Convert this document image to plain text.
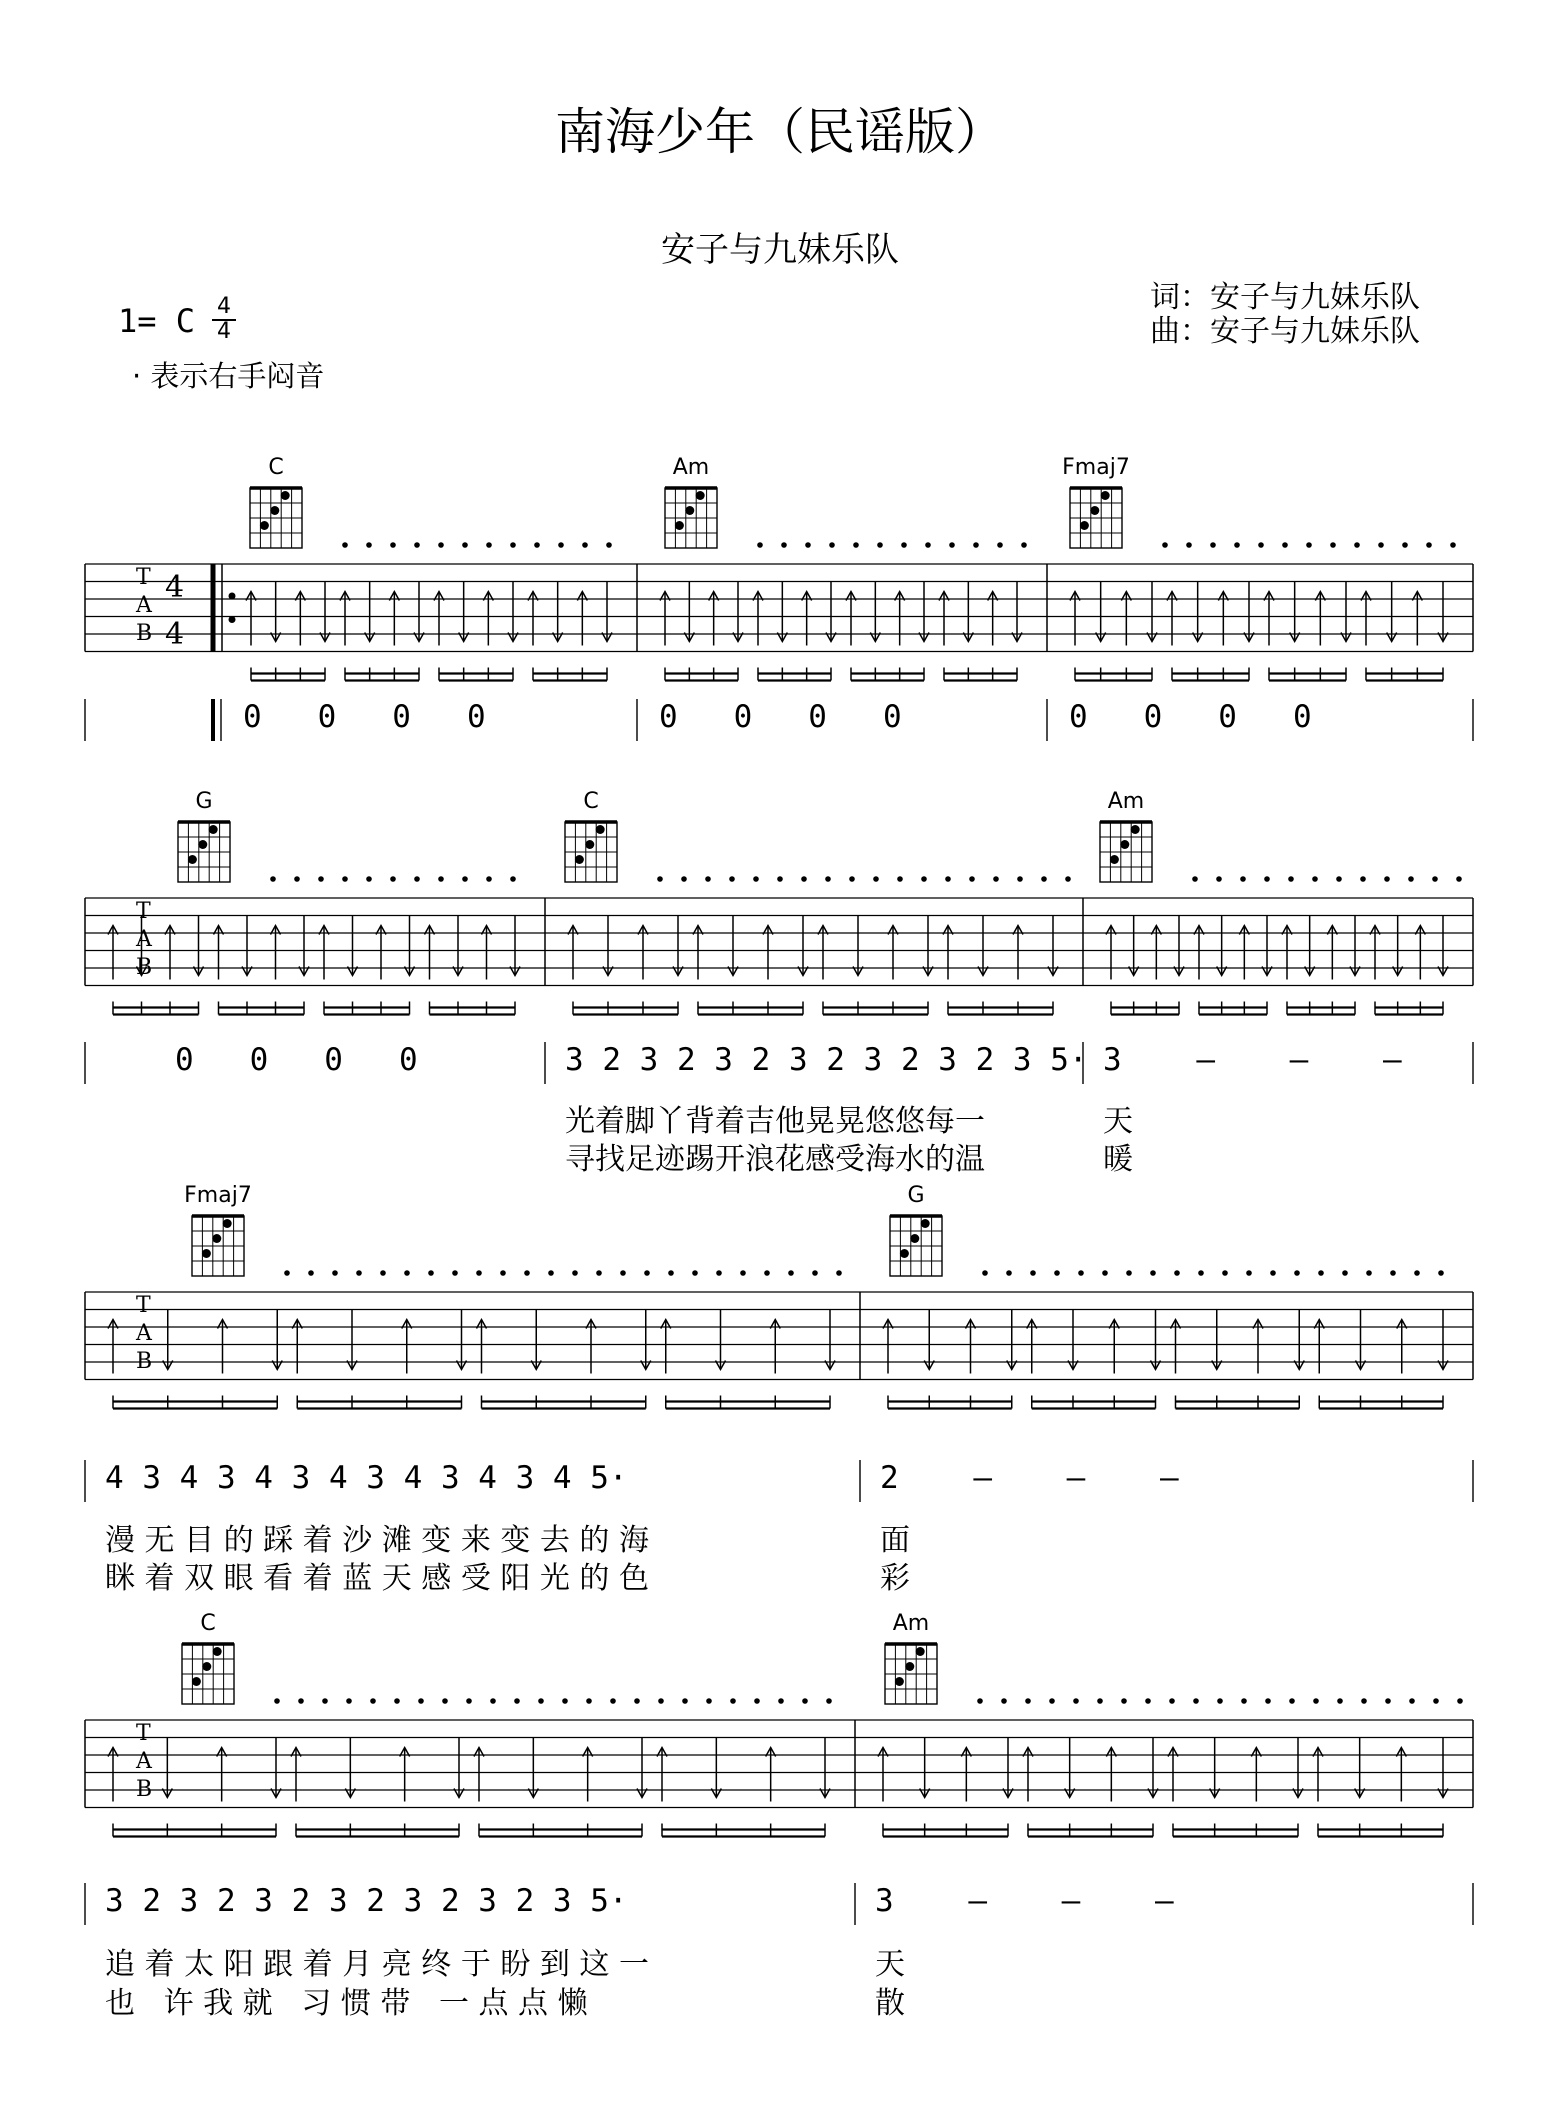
南海少年（民谣版）
安子与九妹乐队
词：安子与九妹乐队
曲：安子与九妹乐队
1= C 4
4
· 表示右手闷音
4
4
T
A
B
C	Am	Fmaj7
T
A
B
G	C	Am
T
A
B
Fmaj7	G
T
A
B
C	Am
0   0   0   0	0   0   0   0	0   0   0   0
0   0   0   0	3 2 3 2 3 2 3 2 3 2 3 2 3 5·
光着脚丫背着吉他晃晃悠悠每一
寻找足迹踢开浪花感受海水的温
3    –    –    –
天
暖
4 3 4 3 4 3 4 3 4 3 4 3 4 5·
漫 无 目 的 踩 着 沙 滩 变 来 变 去 的 海
眯 着 双 眼 看 着 蓝 天 感 受 阳 光 的 色
2    –    –    –
面
彩
3 2 3 2 3 2 3 2 3 2 3 2 3 5·
追 着 太 阳 跟 着 月 亮 终 于 盼 到 这 一
也   许 我 就   习 惯 带   一 点 点 懒
3    –    –    –
天
散
